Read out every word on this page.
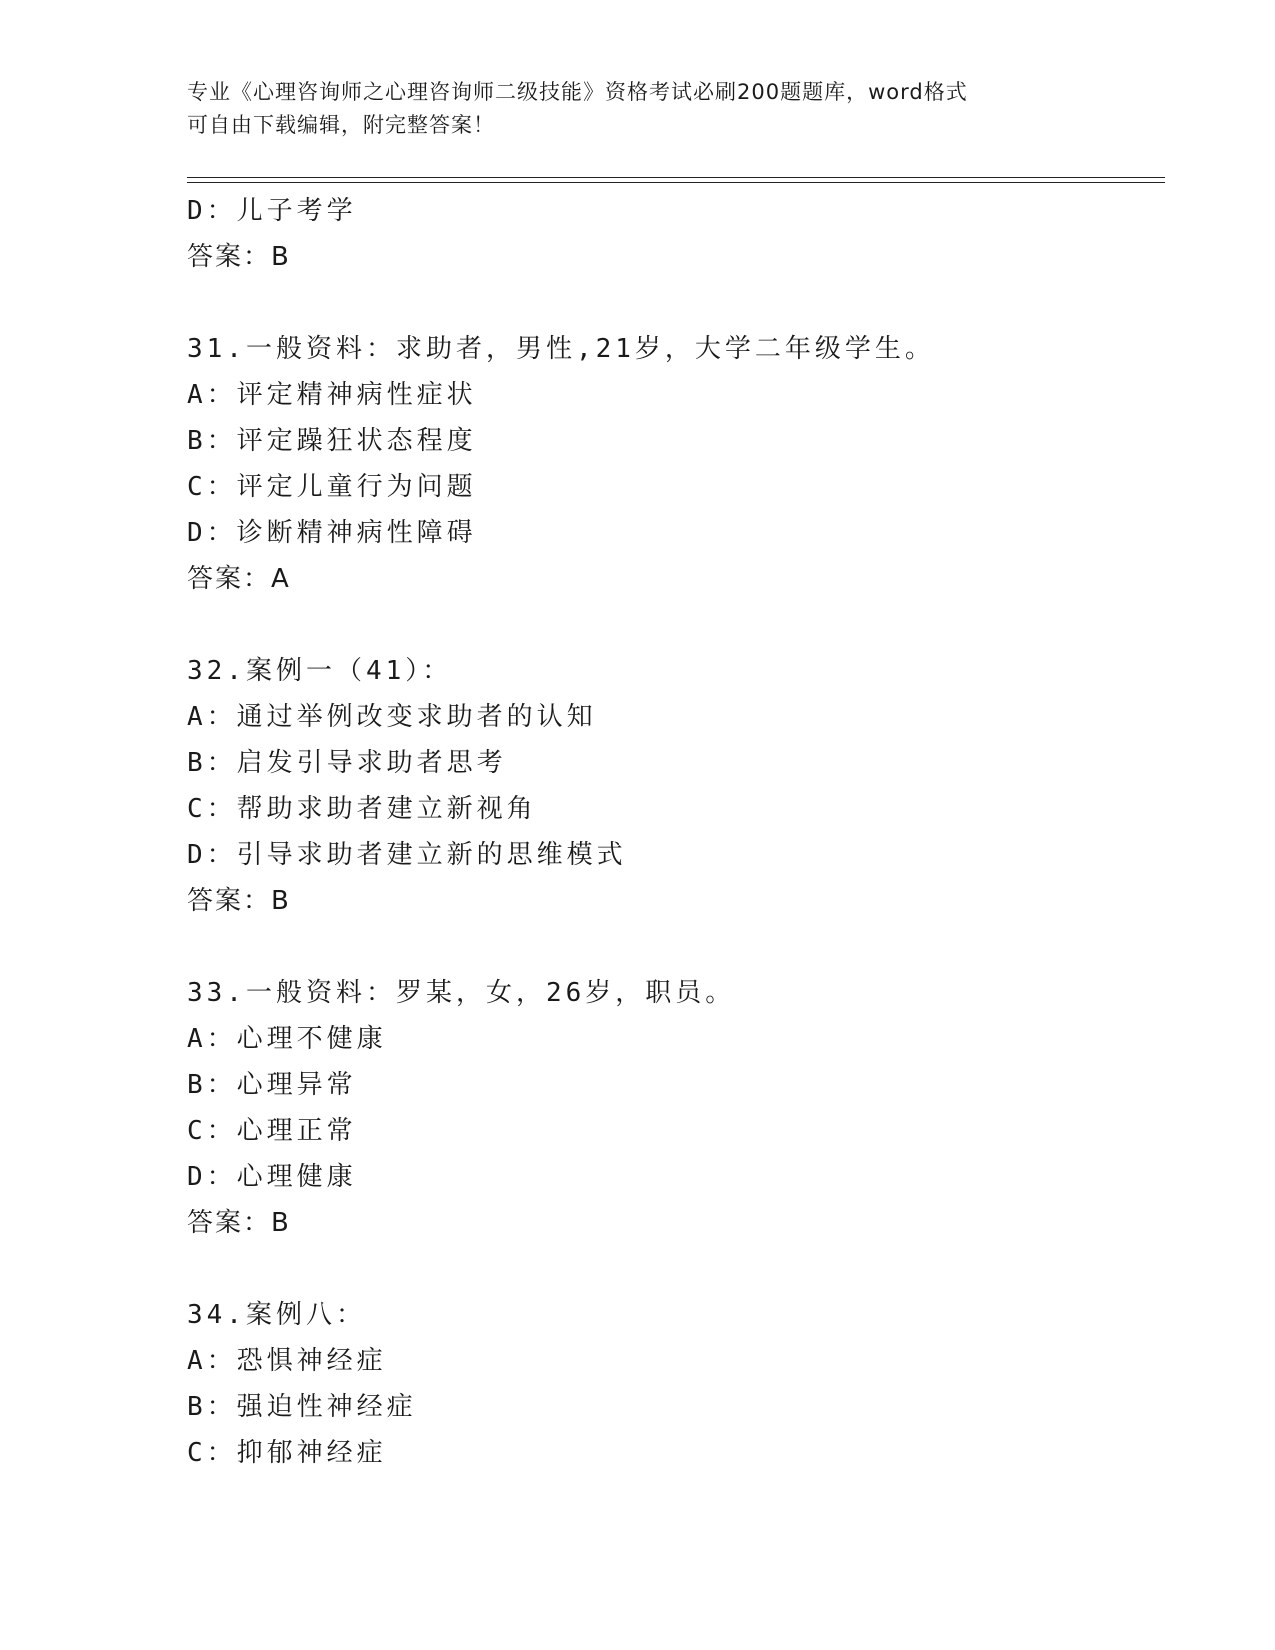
专业《心理咨询师之心理咨询师二级技能》资格考试必刷200题题库，word格式
可自由下载编辑，附完整答案！
D：儿子考学
答案：B
31.一般资料：求助者，男性,21岁，大学二年级学生。
A：评定精神病性症状
B：评定躁狂状态程度
C：评定儿童行为问题
D：诊断精神病性障碍
答案：A
32.案例一（41）：
A：通过举例改变求助者的认知
B：启发引导求助者思考
C：帮助求助者建立新视角
D：引导求助者建立新的思维模式
答案：B
33.一般资料：罗某，女，26岁，职员。
A：心理不健康
B：心理异常
C：心理正常
D：心理健康
答案：B
34.案例八：
A：恐惧神经症
B：强迫性神经症
C：抑郁神经症
